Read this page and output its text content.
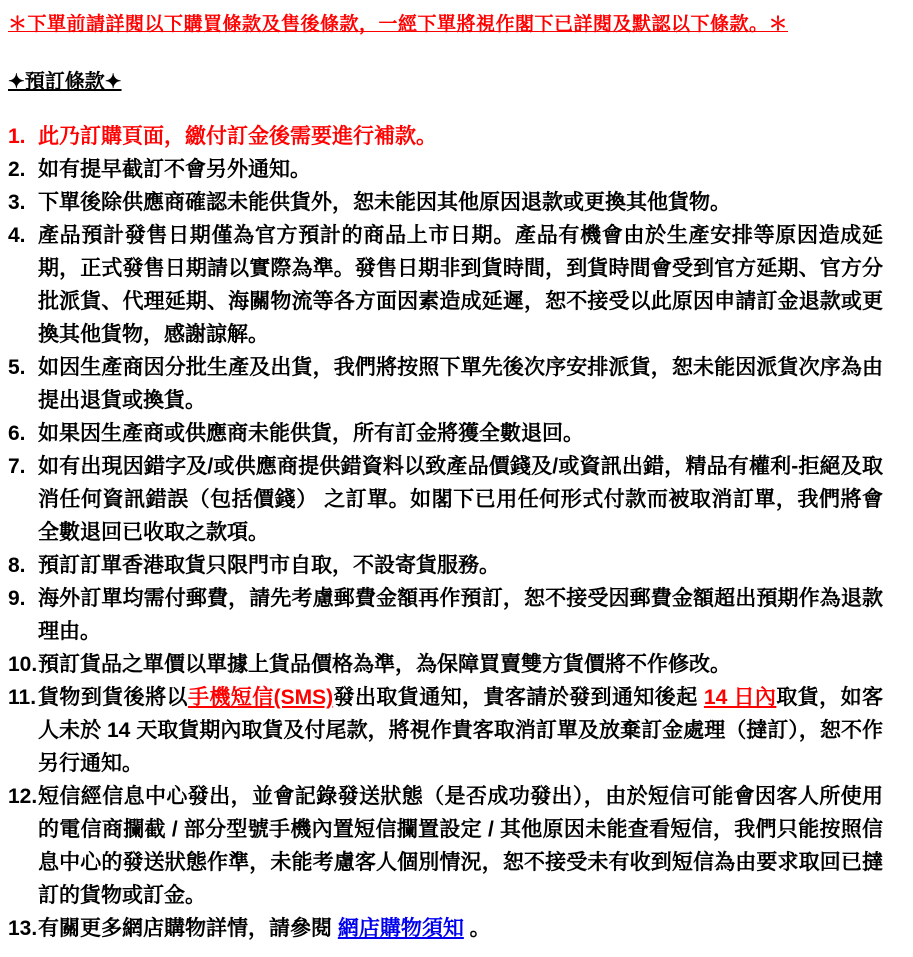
＊下單前請詳閱以下購買條款及售後條款，一經下單將視作閣下已詳閱及默認以下條款。＊
✦預訂條款✦
1. 此乃訂購頁面，繳付訂金後需要進行補款。
2. 如有提早截訂不會另外通知。
3. 下單後除供應商確認未能供貨外，恕未能因其他原因退款或更換其他貨物。
4. 產品預計發售日期僅為官方預計的商品上市日期。產品有機會由於生產安排等原因造成延期，正式發售日期請以實際為準。發售日期非到貨時間，到貨時間會受到官方延期、官方分批派貨、代理延期、海關物流等各方面因素造成延遲，恕不接受以此原因申請訂金退款或更換其他貨物，感謝諒解。
5. 如因生產商因分批生產及出貨，我們將按照下單先後次序安排派貨，恕未能因派貨次序為由提出退貨或換貨。
6. 如果因生產商或供應商未能供貨，所有訂金將獲全數退回。
7. 如有出現因錯字及/或供應商提供錯資料以致產品價錢及/或資訊出錯，精品有權利-拒絕及取消任何資訊錯誤（包括價錢） 之訂單。如閣下已用任何形式付款而被取消訂單，我們將會全數退回已收取之款項。
8. 預訂訂單香港取貨只限門市自取，不設寄貨服務。
9. 海外訂單均需付郵費，請先考慮郵費金額再作預訂，恕不接受因郵費金額超出預期作為退款理由。
10. 預訂貨品之單價以單據上貨品價格為準，為保障買賣雙方貨價將不作修改。
11. 貨物到貨後將以手機短信(SMS)發出取貨通知，貴客請於發到通知後起 14 日內取貨，如客人未於 14 天取貨期內取貨及付尾款，將視作貴客取消訂單及放棄訂金處理（撻訂），恕不作另行通知。
12. 短信經信息中心發出，並會記錄發送狀態（是否成功發出），由於短信可能會因客人所使用的電信商攔截 / 部分型號手機內置短信攔置設定 / 其他原因未能查看短信，我們只能按照信息中心的發送狀態作準，未能考慮客人個別情況，恕不接受未有收到短信為由要求取回已撻訂的貨物或訂金。
13. 有關更多網店購物詳情，請參閱 網店購物須知 。
